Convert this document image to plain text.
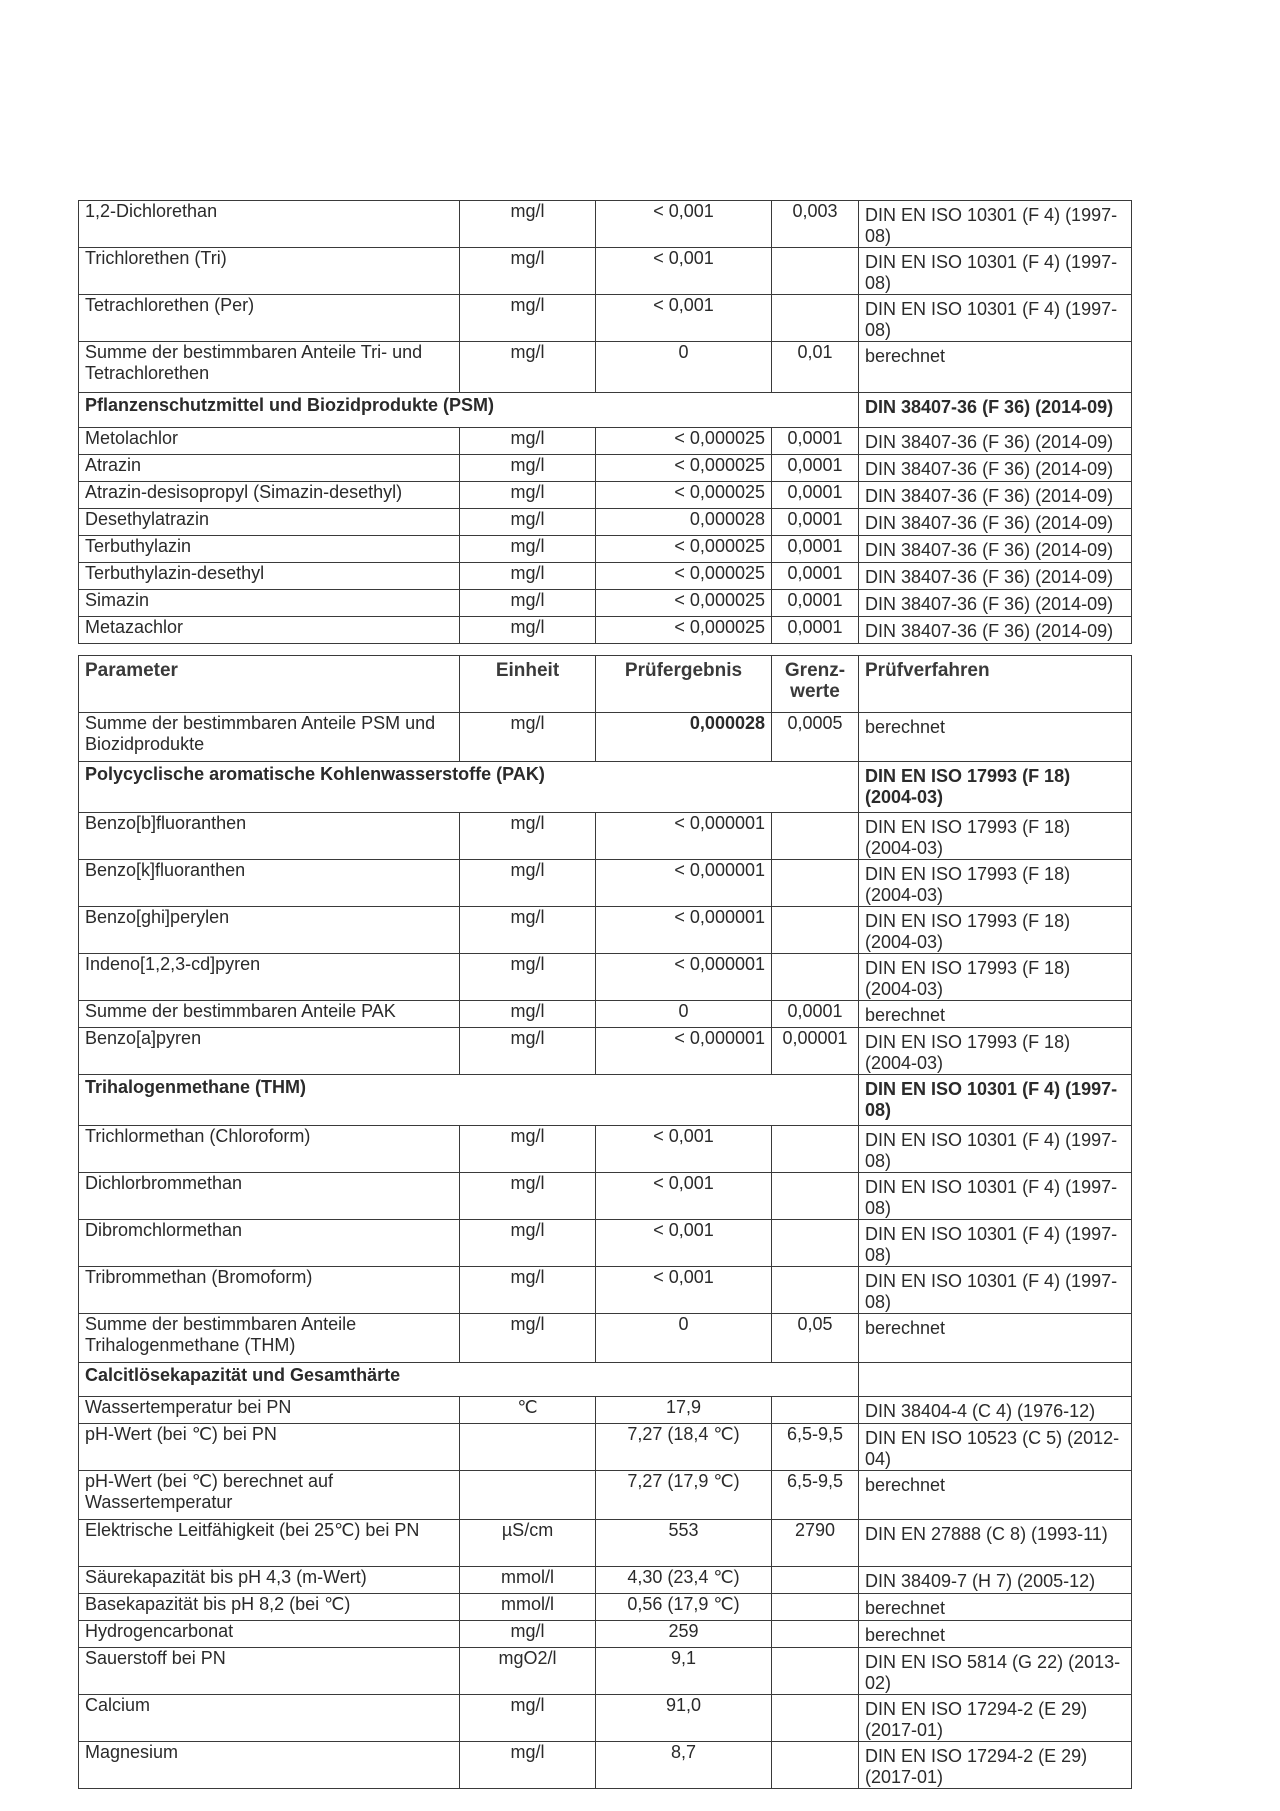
1,2-Dichlorethan	mg/l	< 0,001	0,003	DIN EN ISO 10301 (F 4) (1997-08)
Trichlorethen (Tri)	mg/l	< 0,001		DIN EN ISO 10301 (F 4) (1997-08)
Tetrachlorethen (Per)	mg/l	< 0,001		DIN EN ISO 10301 (F 4) (1997-08)
Summe der bestimmbaren Anteile Tri- und Tetrachlorethen	mg/l	0	0,01	berechnet
Pflanzenschutzmittel und Biozidprodukte (PSM)				DIN 38407-36 (F 36) (2014-09)
Metolachlor	mg/l	< 0,000025	0,0001	DIN 38407-36 (F 36) (2014-09)
Atrazin	mg/l	< 0,000025	0,0001	DIN 38407-36 (F 36) (2014-09)
Atrazin-desisopropyl (Simazin-desethyl)	mg/l	< 0,000025	0,0001	DIN 38407-36 (F 36) (2014-09)
Desethylatrazin	mg/l	0,000028	0,0001	DIN 38407-36 (F 36) (2014-09)
Terbuthylazin	mg/l	< 0,000025	0,0001	DIN 38407-36 (F 36) (2014-09)
Terbuthylazin-desethyl	mg/l	< 0,000025	0,0001	DIN 38407-36 (F 36) (2014-09)
Simazin	mg/l	< 0,000025	0,0001	DIN 38407-36 (F 36) (2014-09)
Metazachlor	mg/l	< 0,000025	0,0001	DIN 38407-36 (F 36) (2014-09)
Parameter	Einheit	Prüfergebnis	Grenz-werte	Prüfverfahren
Summe der bestimmbaren Anteile PSM und Biozidprodukte	mg/l	0,000028	0,0005	berechnet
Polycyclische aromatische Kohlenwasserstoffe (PAK)				DIN EN ISO 17993 (F 18) (2004-03)
Benzo[b]fluoranthen	mg/l	< 0,000001		DIN EN ISO 17993 (F 18) (2004-03)
Benzo[k]fluoranthen	mg/l	< 0,000001		DIN EN ISO 17993 (F 18) (2004-03)
Benzo[ghi]perylen	mg/l	< 0,000001		DIN EN ISO 17993 (F 18) (2004-03)
Indeno[1,2,3-cd]pyren	mg/l	< 0,000001		DIN EN ISO 17993 (F 18) (2004-03)
Summe der bestimmbaren Anteile PAK	mg/l	0	0,0001	berechnet
Benzo[a]pyren	mg/l	< 0,000001	0,00001	DIN EN ISO 17993 (F 18) (2004-03)
Trihalogenmethane (THM)				DIN EN ISO 10301 (F 4) (1997-08)
Trichlormethan (Chloroform)	mg/l	< 0,001		DIN EN ISO 10301 (F 4) (1997-08)
Dichlorbrommethan	mg/l	< 0,001		DIN EN ISO 10301 (F 4) (1997-08)
Dibromchlormethan	mg/l	< 0,001		DIN EN ISO 10301 (F 4) (1997-08)
Tribrommethan (Bromoform)	mg/l	< 0,001		DIN EN ISO 10301 (F 4) (1997-08)
Summe der bestimmbaren Anteile Trihalogenmethane (THM)	mg/l	0	0,05	berechnet
Calcitlösekapazität und Gesamthärte				
Wassertemperatur bei PN	℃	17,9		DIN 38404-4 (C 4) (1976-12)
pH-Wert (bei ℃) bei PN		7,27 (18,4 ℃)	6,5-9,5	DIN EN ISO 10523 (C 5) (2012-04)
pH-Wert (bei ℃) berechnet auf Wassertemperatur		7,27 (17,9 ℃)	6,5-9,5	berechnet
Elektrische Leitfähigkeit (bei 25℃) bei PN	µS/cm	553	2790	DIN EN 27888 (C 8) (1993-11)
Säurekapazität bis pH 4,3 (m-Wert)	mmol/l	4,30 (23,4 ℃)		DIN 38409-7 (H 7) (2005-12)
Basekapazität bis pH 8,2 (bei ℃)	mmol/l	0,56 (17,9 ℃)		berechnet
Hydrogencarbonat	mg/l	259		berechnet
Sauerstoff bei PN	mgO2/l	9,1		DIN EN ISO 5814 (G 22) (2013-02)
Calcium	mg/l	91,0		DIN EN ISO 17294-2 (E 29) (2017-01)
Magnesium	mg/l	8,7		DIN EN ISO 17294-2 (E 29) (2017-01)
